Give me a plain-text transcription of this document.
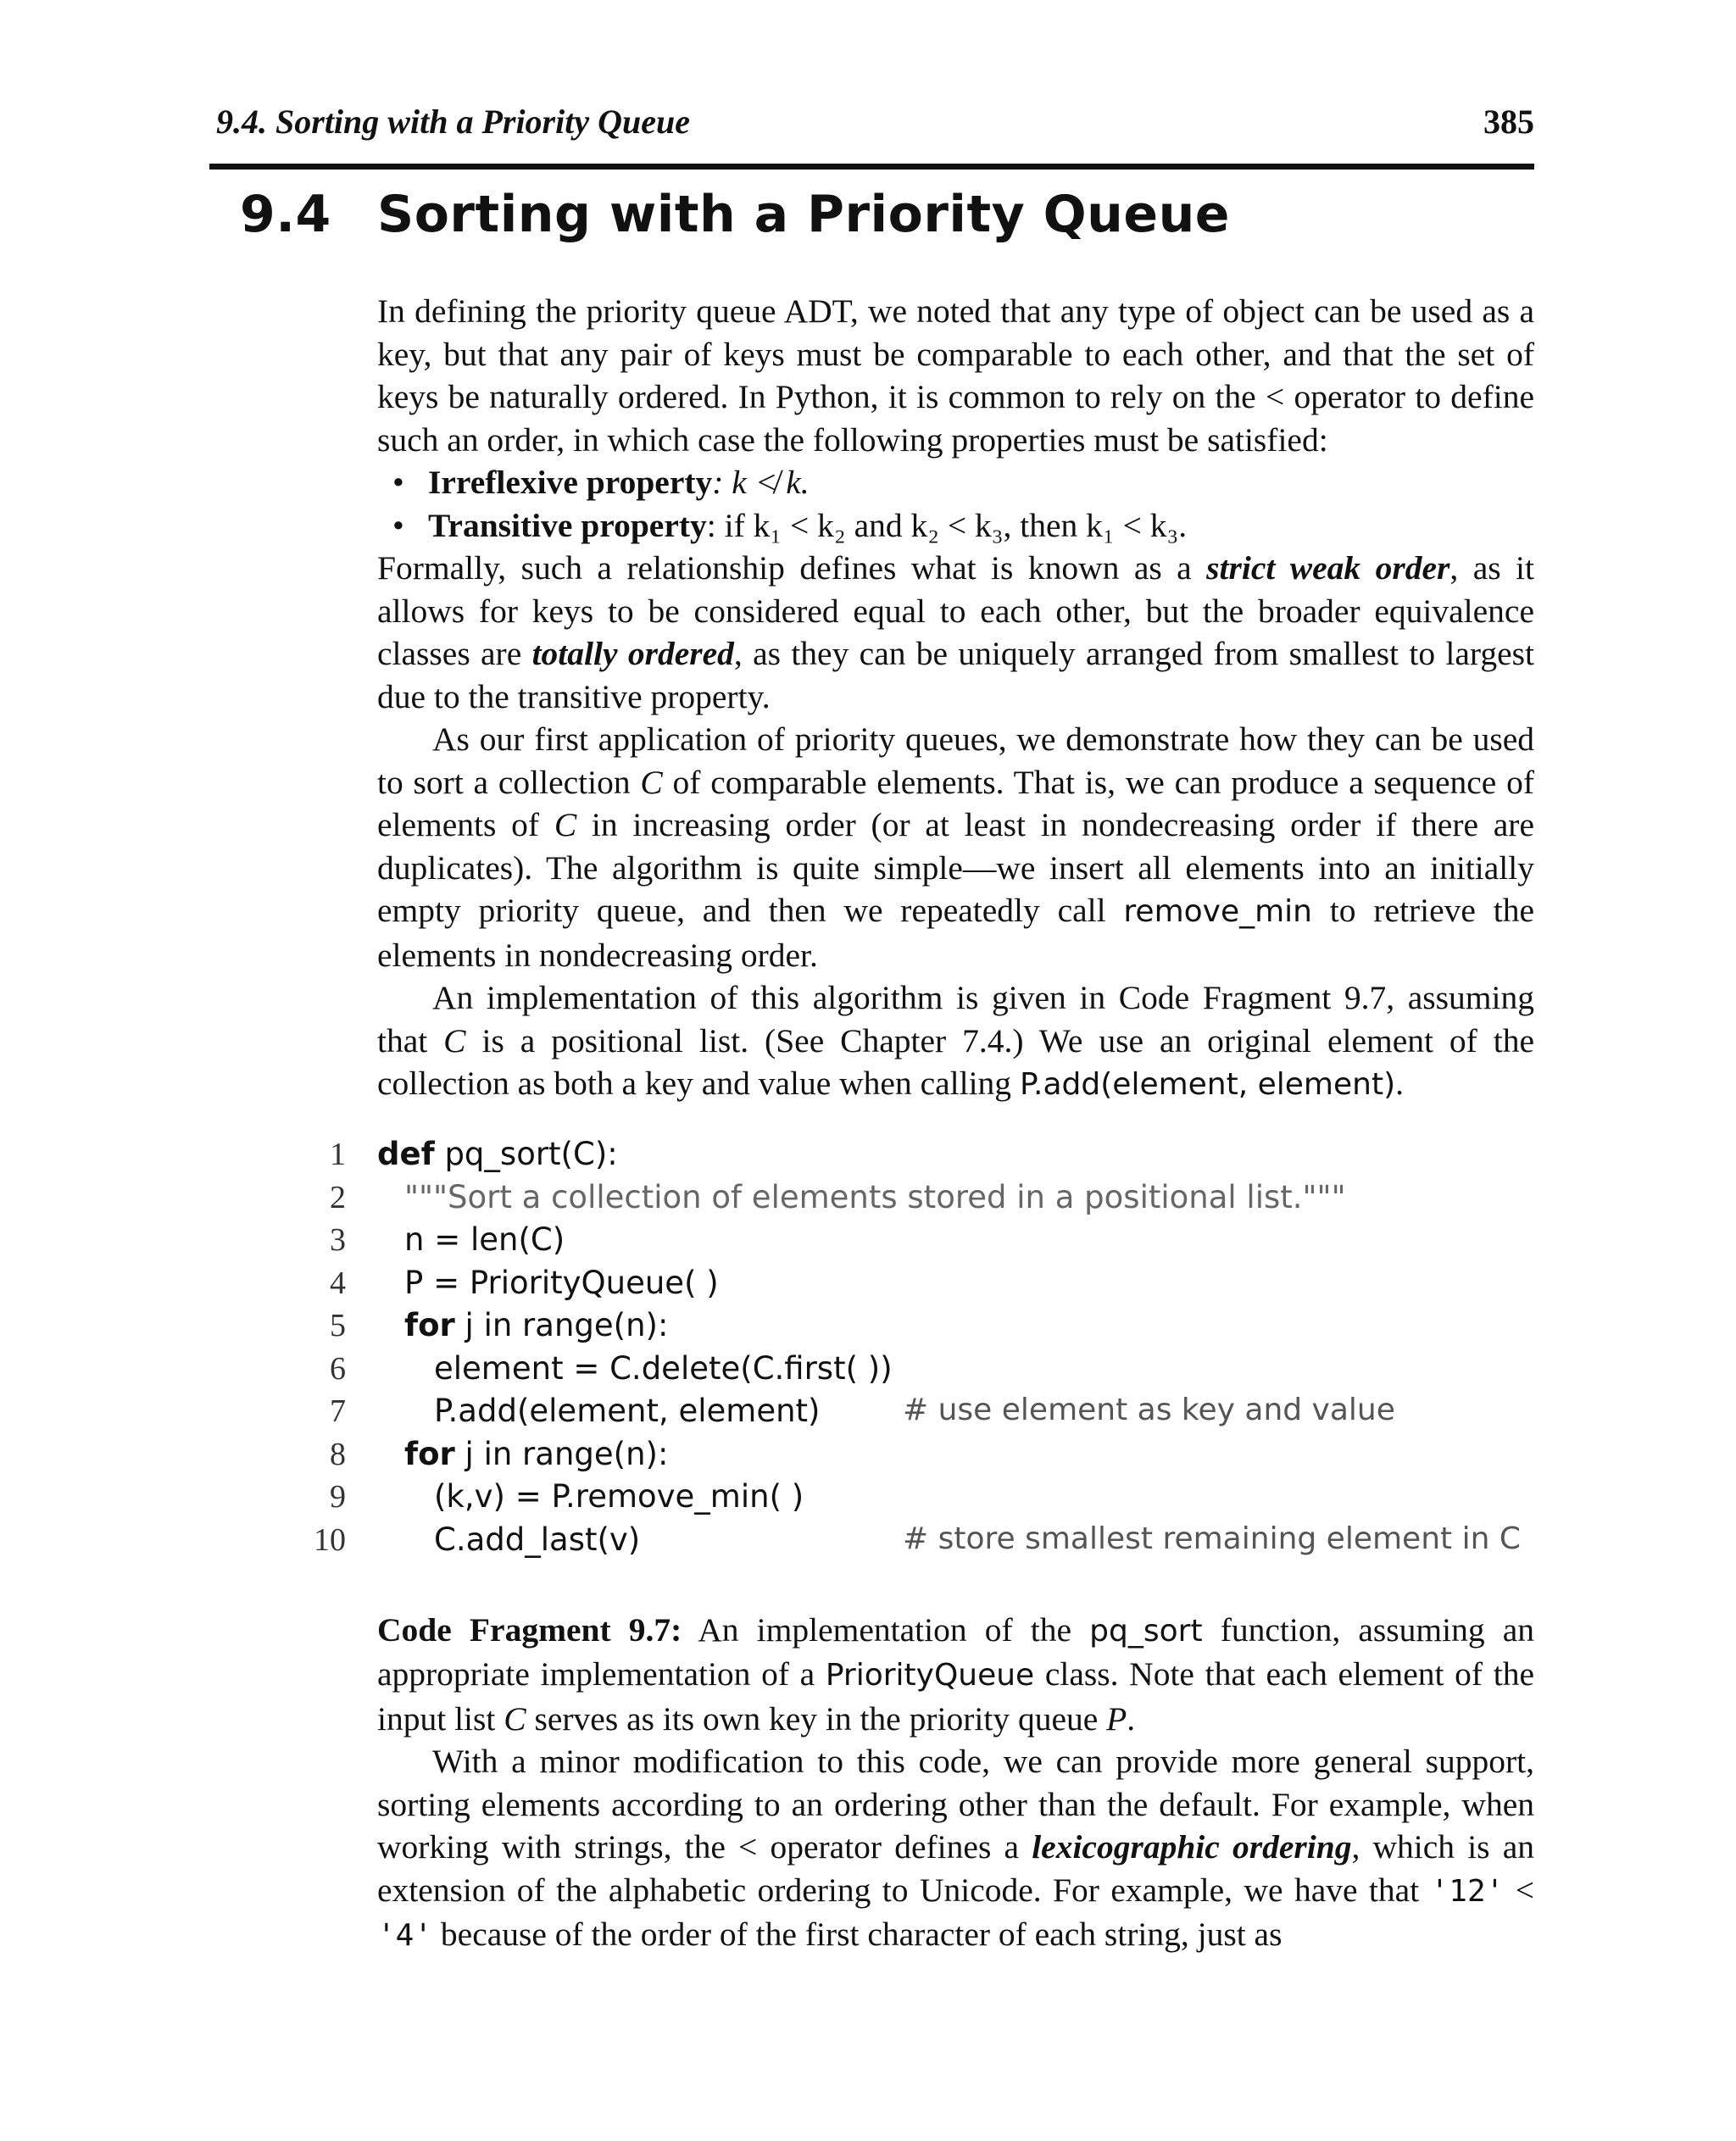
9.4. Sorting with a Priority Queue	385
9.4 Sorting with a Priority Queue

In defining the priority queue ADT, we noted that any type of object can be used as a key, but that any pair of keys must be comparable to each other, and that the set of keys be naturally ordered. In Python, it is common to rely on the < operator to define such an order, in which case the following properties must be satisfied:

• Irreflexive property: k ≮ k.
• Transitive property: if k₁ < k₂ and k₂ < k₃, then k₁ < k₃.

Formally, such a relationship defines what is known as a strict weak order, as it allows for keys to be considered equal to each other, but the broader equivalence classes are totally ordered, as they can be uniquely arranged from smallest to largest due to the transitive property.

As our first application of priority queues, we demonstrate how they can be used to sort a collection C of comparable elements. That is, we can produce a sequence of elements of C in increasing order (or at least in nondecreasing order if there are duplicates). The algorithm is quite simple—we insert all elements into an initially empty priority queue, and then we repeatedly call remove_min to retrieve the elements in nondecreasing order.

An implementation of this algorithm is given in Code Fragment 9.7, assuming that C is a positional list. (See Chapter 7.4.) We use an original element of the collection as both a key and value when calling P.add(element, element).

1 def pq_sort(C):
2 """Sort a collection of elements stored in a positional list."""
3 n = len(C)
4 P = PriorityQueue( )
5 for j in range(n):
6	element = C.delete(C.first( ))
7	P.add(element, element)	# use element as key and value
8 for j in range(n):
9	(k,v) = P.remove_min( )
10	C.add_last(v)	# store smallest remaining element in C

Code Fragment 9.7: An implementation of the pq_sort function, assuming an appropriate implementation of a PriorityQueue class. Note that each element of the input list C serves as its own key in the priority queue P.

With a minor modification to this code, we can provide more general support, sorting elements according to an ordering other than the default. For example, when working with strings, the < operator defines a lexicographic ordering, which is an extension of the alphabetic ordering to Unicode. For example, we have that '12' < '4' because of the order of the first character of each string, just as
